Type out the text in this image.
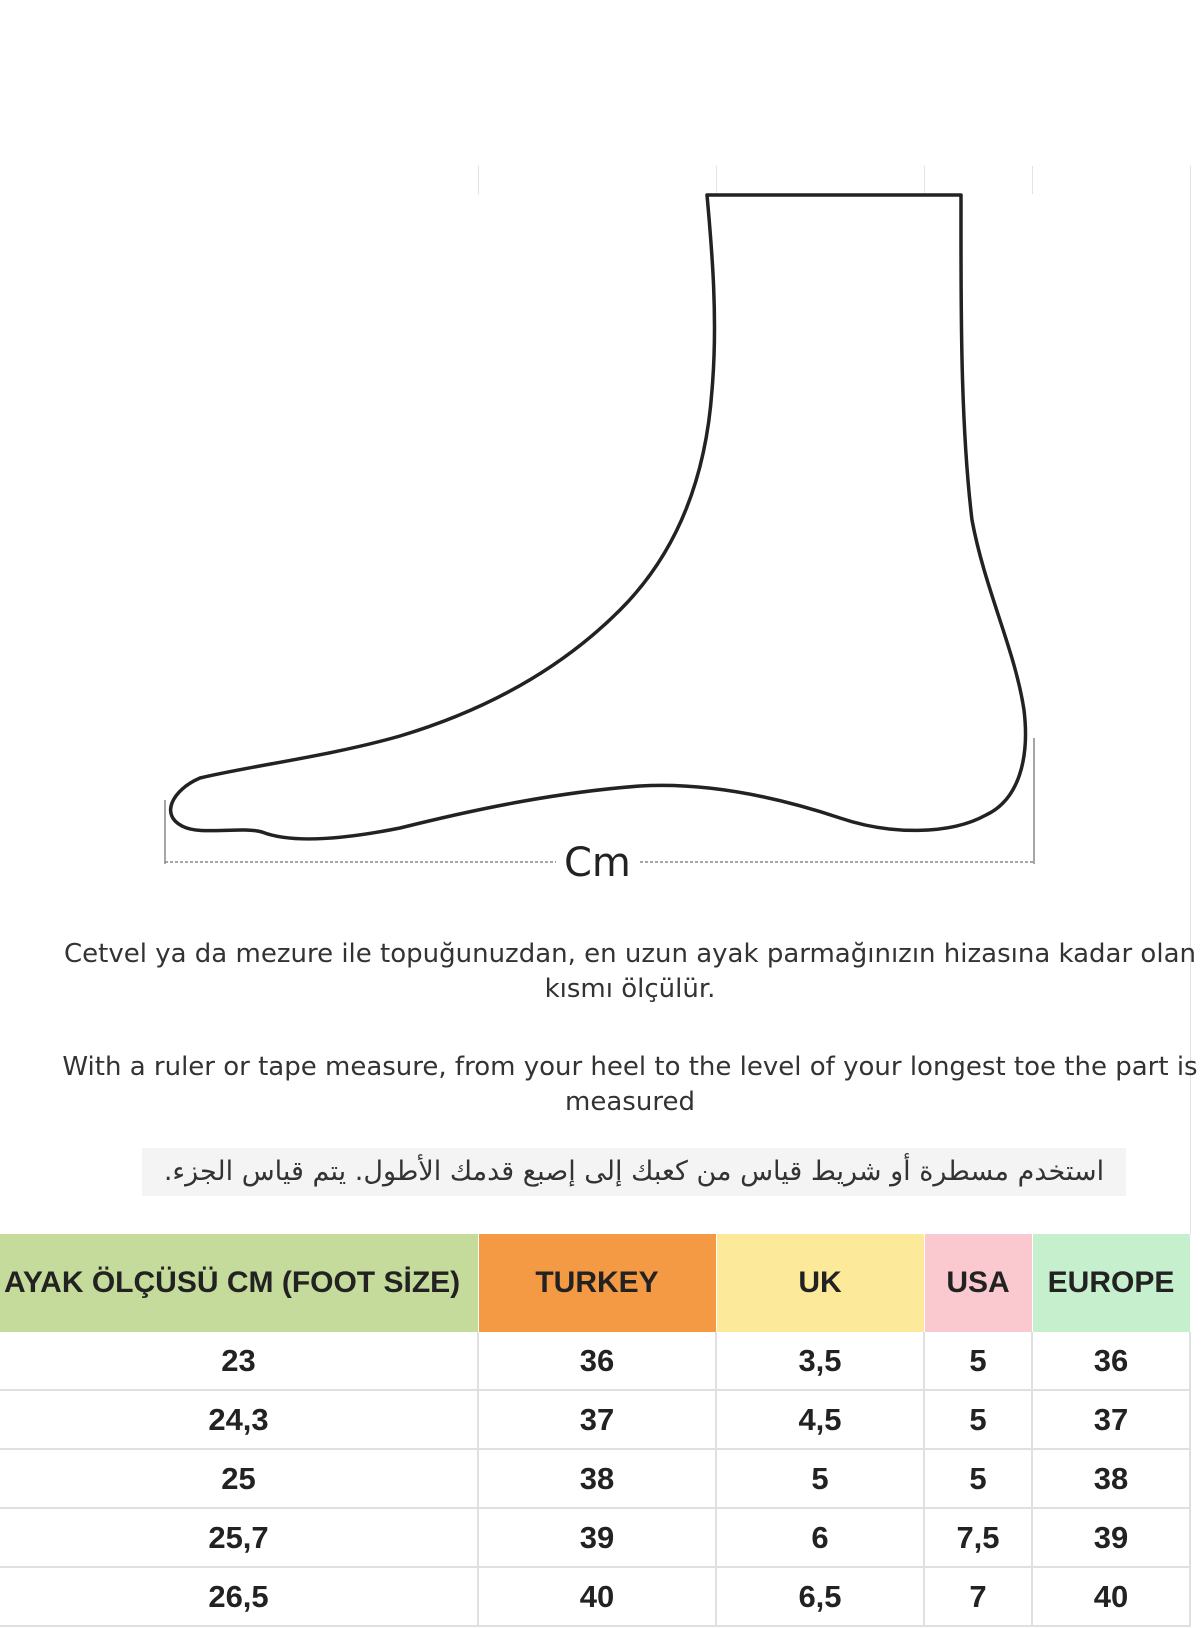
Cm
Cetvel ya da mezure ile topuğunuzdan, en uzun ayak parmağınızın hizasına kadar olan kısmı ölçülür.
With a ruler or tape measure, from your heel to the level of your longest toe the part is measured
استخدم مسطرة أو شريط قياس من كعبك إلى إصبع قدمك الأطول. يتم قياس الجزء.
AYAK ÖLÇÜSÜ CM (FOOT SİZE)	TURKEY	UK	USA	EUROPE
23	36	3,5	5	36
24,3	37	4,5	5	37
25	38	5	5	38
25,7	39	6	7,5	39
26,5	40	6,5	7	40
